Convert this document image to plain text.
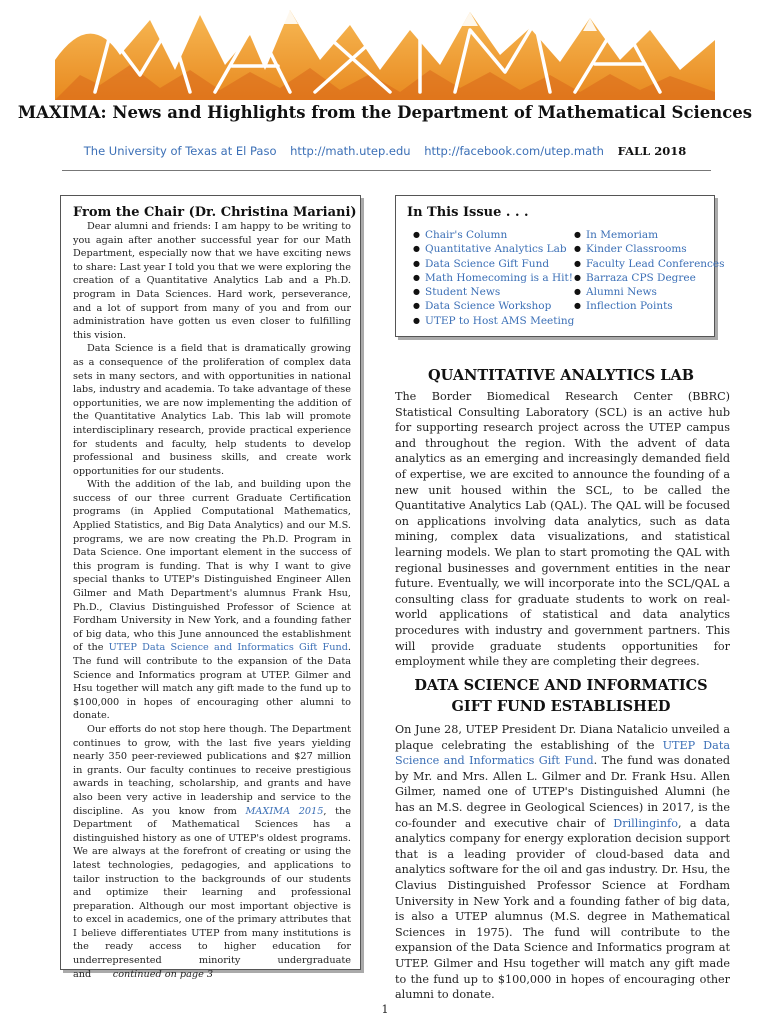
MAXIMA: News and Highlights from the Department of Mathematical Sciences
The University of Texas at El Paso http://math.utep.edu http://facebook.com/utep.math FALL 2018
From the Chair (Dr. Christina Mariani)

Dear alumni and friends: I am happy to be writing to you again after another successful year for our Math Department, especially now that we have exciting news to share: Last year I told you that we were exploring the creation of a Quantitative Analytics Lab and a Ph.D. program in Data Sciences. Hard work, perseverance, and a lot of support from many of you and from our administration have gotten us even closer to fulfilling this vision.

Data Science is a field that is dramatically growing as a consequence of the proliferation of complex data sets in many sectors, and with opportunities in national labs, industry and academia. To take advantage of these opportunities, we are now implementing the addition of the Quantitative Analytics Lab. This lab will promote interdisciplinary research, provide practical experience for students and faculty, help students to develop professional and business skills, and create work opportunities for our students.

With the addition of the lab, and building upon the success of our three current Graduate Certification programs (in Applied Computational Mathematics, Applied Statistics, and Big Data Analytics) and our M.S. programs, we are now creating the Ph.D. Program in Data Science. One important element in the success of this program is funding. That is why I want to give special thanks to UTEP's Distinguished Engineer Allen Gilmer and Math Department's alumnus Frank Hsu, Ph.D., Clavius Distinguished Professor of Science at Fordham University in New York, and a founding father of big data, who this June announced the establishment of the UTEP Data Science and Informatics Gift Fund. The fund will contribute to the expansion of the Data Science and Informatics program at UTEP. Gilmer and Hsu together will match any gift made to the fund up to $100,000 in hopes of encouraging other alumni to donate.

Our efforts do not stop here though. The Department continues to grow, with the last five years yielding nearly 350 peer-reviewed publications and $27 million in grants. Our faculty continues to receive prestigious awards in teaching, scholarship, and grants and have also been very active in leadership and service to the discipline. As you know from MAXIMA 2015, the Department of Mathematical Sciences has a distinguished history as one of UTEP's oldest programs. We are always at the forefront of creating or using the latest technologies, pedagogies, and applications to tailor instruction to the backgrounds of our students and optimize their learning and professional preparation. Although our most important objective is to excel in academics, one of the primary attributes that I believe differentiates UTEP from many institutions is the ready access to higher education for underrepresented minority undergraduate and continued on page 3

In This Issue . . .
● Chair's Column
● Quantitative Analytics Lab
● Data Science Gift Fund
● Math Homecoming is a Hit!
● Student News
● Data Science Workshop
● UTEP to Host AMS Meeting
● In Memoriam
● Kinder Classrooms
● Faculty Lead Conferences
● Barraza CPS Degree
● Alumni News
● Inflection Points
QUANTITATIVE ANALYTICS LAB

The Border Biomedical Research Center (BBRC) Statistical Consulting Laboratory (SCL) is an active hub for supporting research project across the UTEP campus and throughout the region. With the advent of data analytics as an emerging and increasingly demanded field of expertise, we are excited to announce the founding of a new unit housed within the SCL, to be called the Quantitative Analytics Lab (QAL). The QAL will be focused on applications involving data analytics, such as data mining, complex data visualizations, and statistical learning models. We plan to start promoting the QAL with regional businesses and government entities in the near future. Eventually, we will incorporate into the SCL/QAL a consulting class for graduate students to work on real-world applications of statistical and data analytics procedures with industry and government partners. This will provide graduate students opportunities for employment while they are completing their degrees.

DATA SCIENCE AND INFORMATICS
GIFT FUND ESTABLISHED

On June 28, UTEP President Dr. Diana Natalicio unveiled a plaque celebrating the establishing of the UTEP Data Science and Informatics Gift Fund. The fund was donated by Mr. and Mrs. Allen L. Gilmer and Dr. Frank Hsu. Allen Gilmer, named one of UTEP's Distinguished Alumni (he has an M.S. degree in Geological Sciences) in 2017, is the co-founder and executive chair of Drillinginfo, a data analytics company for energy exploration decision support that is a leading provider of cloud-based data and analytics software for the oil and gas industry. Dr. Hsu, the Clavius Distinguished Professor Science at Fordham University in New York and a founding father of big data, is also a UTEP alumnus (M.S. degree in Mathematical Sciences in 1975). The fund will contribute to the expansion of the Data Science and Informatics program at UTEP. Gilmer and Hsu together will match any gift made to the fund up to $100,000 in hopes of encouraging other alumni to donate.

1
